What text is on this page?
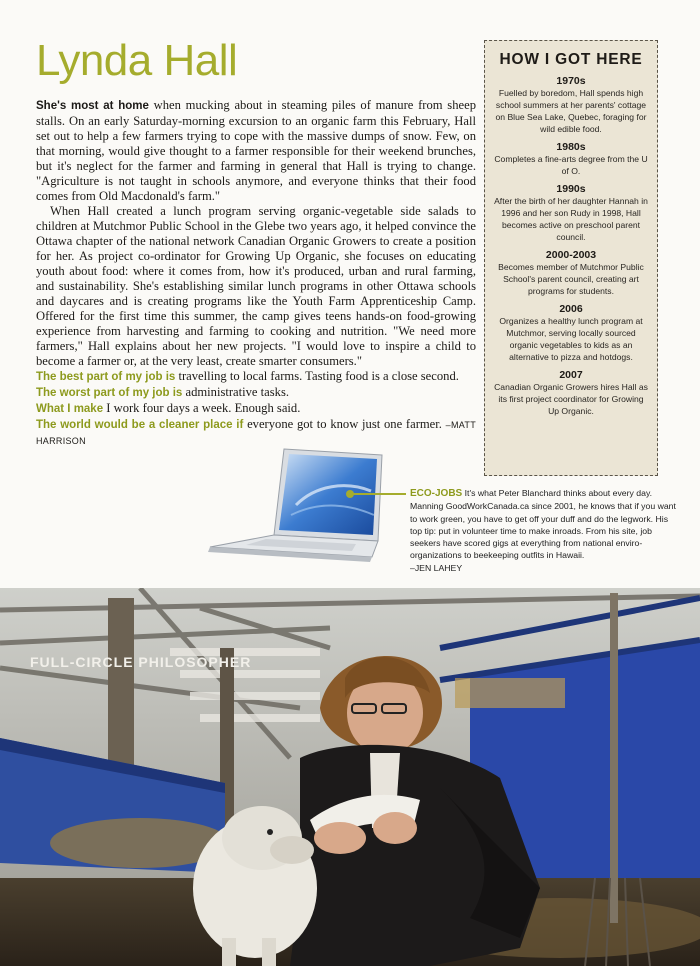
Lynda Hall

She's most at home when mucking about in steaming piles of manure from sheep stalls. On an early Saturday-morning excursion to an organic farm this February, Hall set out to help a few farmers trying to cope with the massive dumps of snow. Few, on that morning, would give thought to a farmer responsible for their weekend brunches, but it's neglect for the farmer and farming in general that Hall is trying to change. "Agriculture is not taught in schools anymore, and everyone thinks that their food comes from Old Macdonald's farm."

When Hall created a lunch program serving organic-vegetable side salads to children at Mutchmor Public School in the Glebe two years ago, it helped convince the Ottawa chapter of the national network Canadian Organic Growers to create a position for her. As project co-ordinator for Growing Up Organic, she focuses on educating youth about food: where it comes from, how it's produced, urban and rural farming, and sustainability. She's establishing similar lunch programs in other Ottawa schools and daycares and is creating programs like the Youth Farm Apprenticeship Camp. Offered for the first time this summer, the camp gives teens hands-on food-growing experience from harvesting and farming to cooking and nutrition. "We need more farmers," Hall explains about her new projects. "I would love to inspire a child to become a farmer or, at the very least, create smarter consumers."

The best part of my job is travelling to local farms. Tasting food is a close second.

The worst part of my job is administrative tasks.

What I make I work four days a week. Enough said.

The world would be a cleaner place if everyone got to know just one farmer. –MATT HARRISON

HOW I GOT HERE
1970s
Fuelled by boredom, Hall spends high school summers at her parents' cottage on Blue Sea Lake, Quebec, foraging for wild edible food.
1980s
Completes a fine-arts degree from the U of O.
1990s
After the birth of her daughter Hannah in 1996 and her son Rudy in 1998, Hall becomes active on preschool parent council.
2000-2003
Becomes member of Mutchmor Public School's parent council, creating art programs for students.
2006
Organizes a healthy lunch program at Mutchmor, serving locally sourced organic vegetables to kids as an alternative to pizza and hotdogs.
2007
Canadian Organic Growers hires Hall as its first project coordinator for Growing Up Organic.
ECO-JOBS It's what Peter Blanchard thinks about every day. Manning GoodWorkCanada.ca since 2001, he knows that if you want to work green, you have to get off your duff and do the legwork. His top tip: put in volunteer time to make inroads. From his site, job seekers have scored gigs at everything from national enviro-organizations to beekeeping outfits in Hawaii.
–JEN LAHEY
FULL-CIRCLE PHILOSOPHER
